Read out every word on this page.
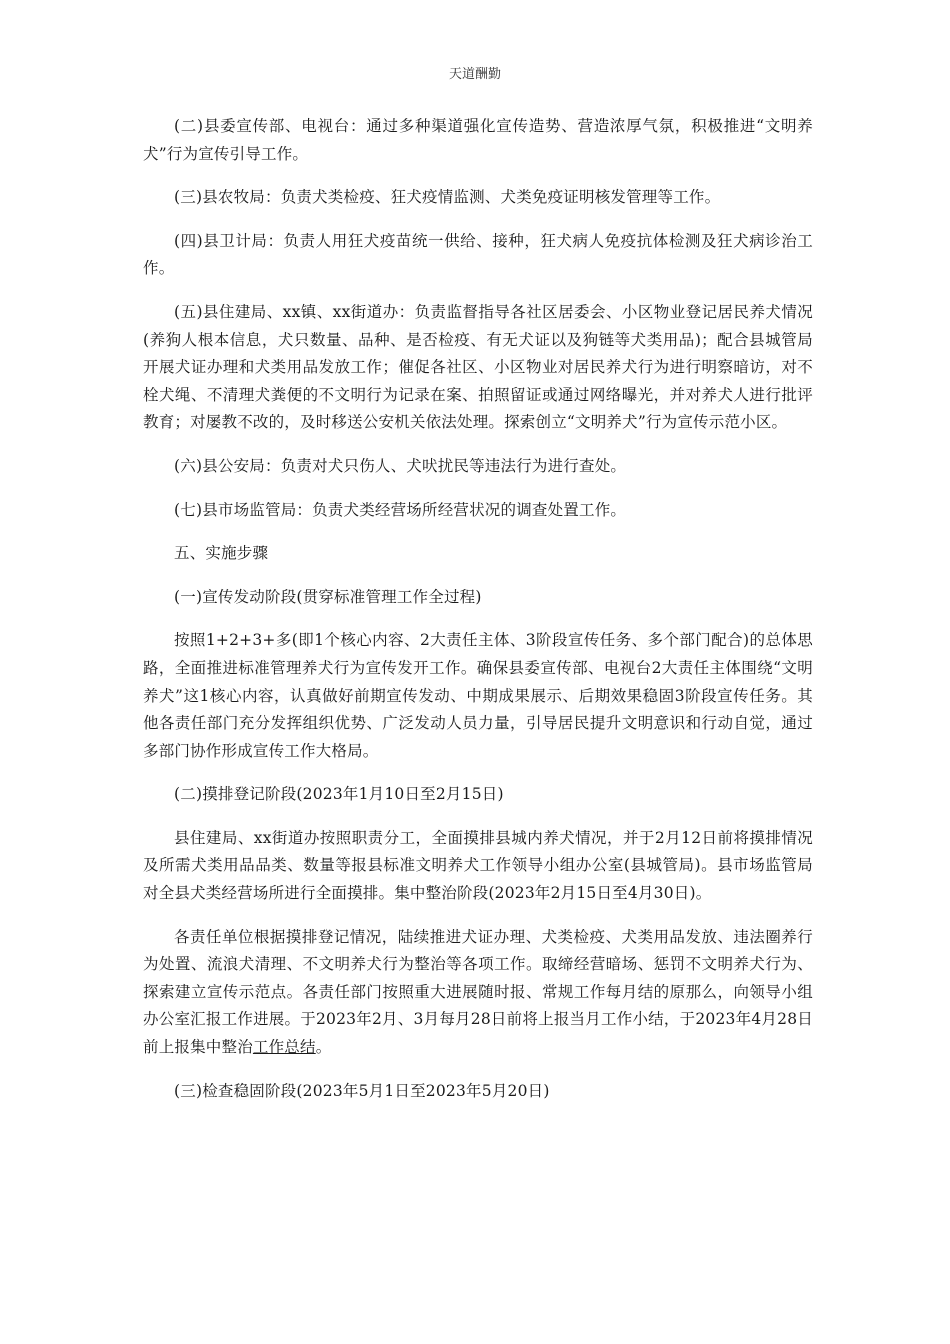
天道酬勤

(二)县委宣传部、电视台：通过多种渠道强化宣传造势、营造浓厚气氛，积极推进“文明养犬”行为宣传引导工作。

(三)县农牧局：负责犬类检疫、狂犬疫情监测、犬类免疫证明核发管理等工作。

(四)县卫计局：负责人用狂犬疫苗统一供给、接种，狂犬病人免疫抗体检测及狂犬病诊治工作。

(五)县住建局、xx镇、xx街道办：负责监督指导各社区居委会、小区物业登记居民养犬情况(养狗人根本信息，犬只数量、品种、是否检疫、有无犬证以及狗链等犬类用品)；配合县城管局开展犬证办理和犬类用品发放工作；催促各社区、小区物业对居民养犬行为进行明察暗访，对不栓犬绳、不清理犬粪便的不文明行为记录在案、拍照留证或通过网络曝光，并对养犬人进行批评教育；对屡教不改的，及时移送公安机关依法处理。探索创立“文明养犬”行为宣传示范小区。

(六)县公安局：负责对犬只伤人、犬吠扰民等违法行为进行查处。

(七)县市场监管局：负责犬类经营场所经营状况的调查处置工作。

五、实施步骤

(一)宣传发动阶段(贯穿标准管理工作全过程)

按照1+2+3+多(即1个核心内容、2大责任主体、3阶段宣传任务、多个部门配合)的总体思路，全面推进标准管理养犬行为宣传发开工作。确保县委宣传部、电视台2大责任主体围绕“文明养犬”这1核心内容，认真做好前期宣传发动、中期成果展示、后期效果稳固3阶段宣传任务。其他各责任部门充分发挥组织优势、广泛发动人员力量，引导居民提升文明意识和行动自觉，通过多部门协作形成宣传工作大格局。

(二)摸排登记阶段(2023年1月10日至2月15日)

县住建局、xx街道办按照职责分工，全面摸排县城内养犬情况，并于2月12日前将摸排情况及所需犬类用品品类、数量等报县标准文明养犬工作领导小组办公室(县城管局)。县市场监管局对全县犬类经营场所进行全面摸排。集中整治阶段(2023年2月15日至4月30日)。

各责任单位根据摸排登记情况，陆续推进犬证办理、犬类检疫、犬类用品发放、违法圈养行为处置、流浪犬清理、不文明养犬行为整治等各项工作。取缔经营暗场、惩罚不文明养犬行为、探索建立宣传示范点。各责任部门按照重大进展随时报、常规工作每月结的原那么，向领导小组办公室汇报工作进展。于2023年2月、3月每月28日前将上报当月工作小结，于2023年4月28日前上报集中整治工作总结。

(三)检查稳固阶段(2023年5月1日至2023年5月20日)
